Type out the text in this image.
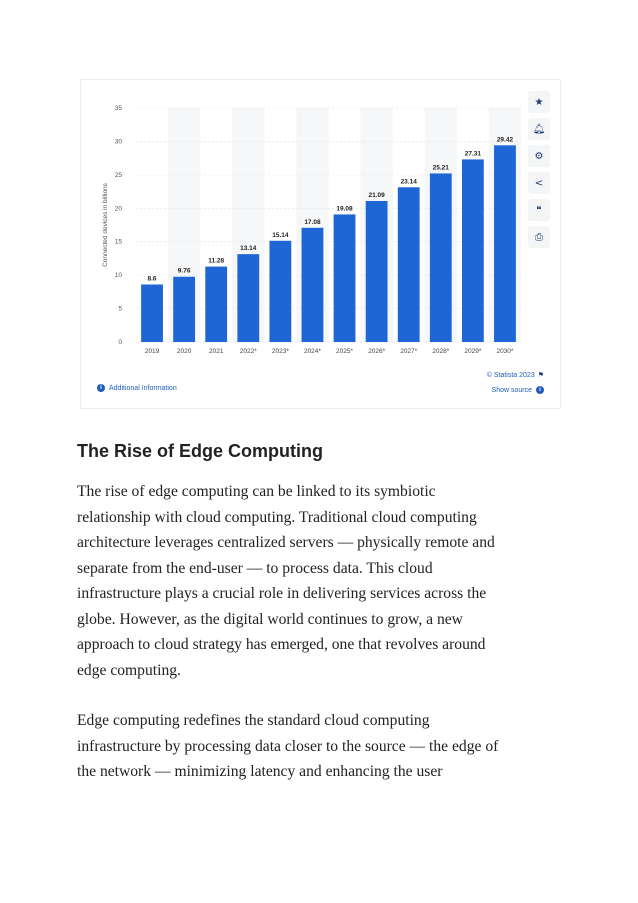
0
5
10
15
20
25
30
35
Connected devices in billions
8.6
2019
9.76
2020
11.28
2021
13.14
2022*
15.14
2023*
17.08
2024*
19.08
2025*
21.09
2026*
23.14
2027*
25.21
2028*
27.31
2029*
29.42
2030*
★
🔔︎
⚙
<
❝
⎙
i	Additional Information
© Statista 2023 ⚑
Show source	i
The Rise of Edge Computing
The rise of edge computing can be linked to its symbiotic
relationship with cloud computing. Traditional cloud computing
architecture leverages centralized servers — physically remote and
separate from the end-user — to process data. This cloud
infrastructure plays a crucial role in delivering services across the
globe. However, as the digital world continues to grow, a new
approach to cloud strategy has emerged, one that revolves around
edge computing.
Edge computing redefines the standard cloud computing
infrastructure by processing data closer to the source — the edge of
the network — minimizing latency and enhancing the user
